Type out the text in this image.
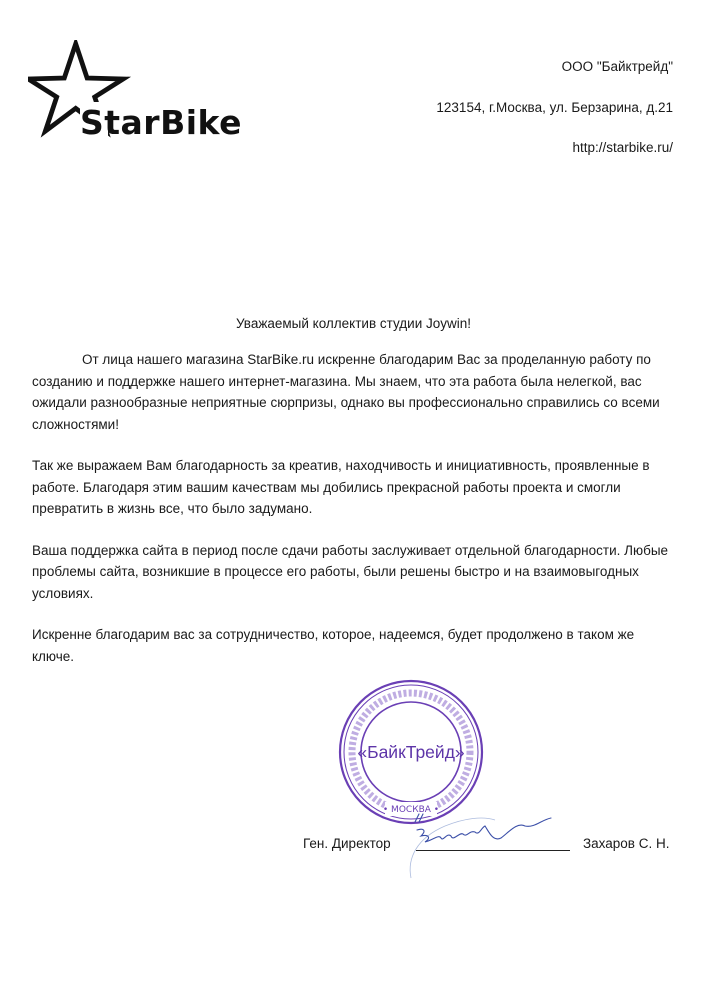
StarBike
ООО "Байктрейд"
123154, г.Москва, ул. Берзарина, д.21
http://starbike.ru/
Уважаемый коллектив студии Joywin!

От лица нашего магазина StarBike.ru искренне благодарим Вас за проделанную работу по созданию и поддержке нашего интернет-магазина. Мы знаем, что эта работа была нелегкой, вас ожидали разнообразные неприятные сюрпризы, однако вы профессионально справились со всеми сложностями!

Так же выражаем Вам благодарность за креатив, находчивость и инициативность, проявленные в работе. Благодаря этим вашим качествам мы добились прекрасной работы проекта и смогли превратить в жизнь все, что было задумано.

Ваша поддержка сайта в период после сдачи работы заслуживает отдельной благодарности. Любые проблемы сайта, возникшие в процессе его работы, были решены быстро и на взаимовыгодных условиях.

Искренне благодарим вас за сотрудничество, которое, надеемся, будет продолжено в таком же ключе.

• МОСКВА •
«БайкТрейд»
Ген. Директор	Захаров С. Н.
